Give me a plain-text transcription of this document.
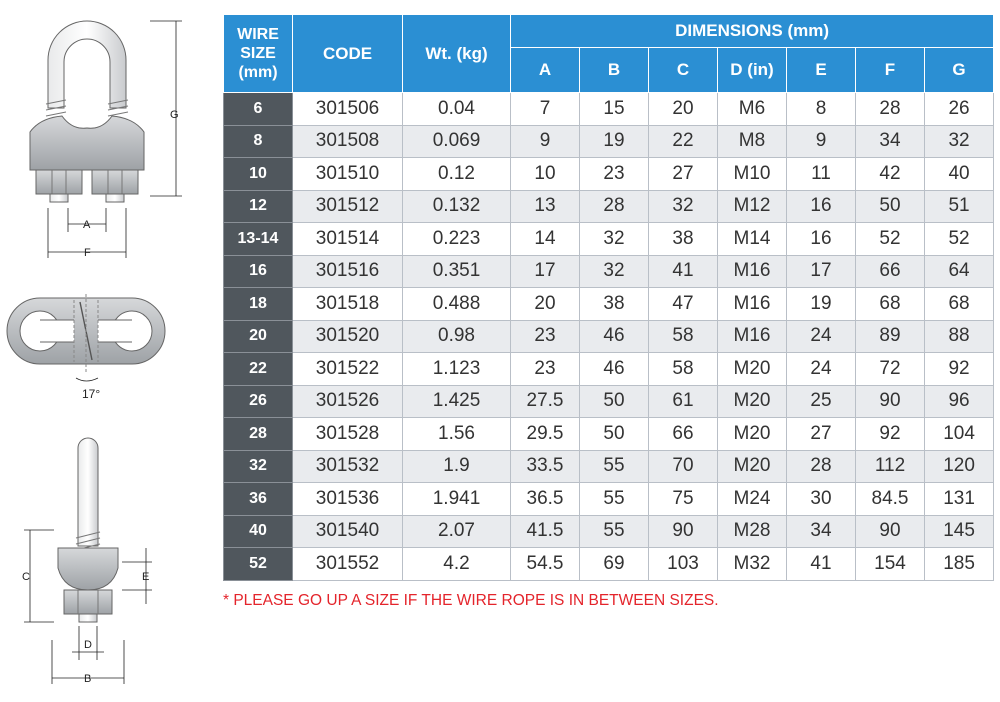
A
F
G
17°
C	E
D
B
WIRE SIZE (mm)	CODE	Wt. (kg)	DIMENSIONS (mm)						
			A	B	C	D (in)	E	F	G
6	301506	0.04	7	15	20	M6	8	28	26
8	301508	0.069	9	19	22	M8	9	34	32
10	301510	0.12	10	23	27	M10	11	42	40
12	301512	0.132	13	28	32	M12	16	50	51
13-14	301514	0.223	14	32	38	M14	16	52	52
16	301516	0.351	17	32	41	M16	17	66	64
18	301518	0.488	20	38	47	M16	19	68	68
20	301520	0.98	23	46	58	M16	24	89	88
22	301522	1.123	23	46	58	M20	24	72	92
26	301526	1.425	27.5	50	61	M20	25	90	96
28	301528	1.56	29.5	50	66	M20	27	92	104
32	301532	1.9	33.5	55	70	M20	28	112	120
36	301536	1.941	36.5	55	75	M24	30	84.5	131
40	301540	2.07	41.5	55	90	M28	34	90	145
52	301552	4.2	54.5	69	103	M32	41	154	185
* PLEASE GO UP A SIZE IF THE WIRE ROPE IS IN BETWEEN SIZES.
